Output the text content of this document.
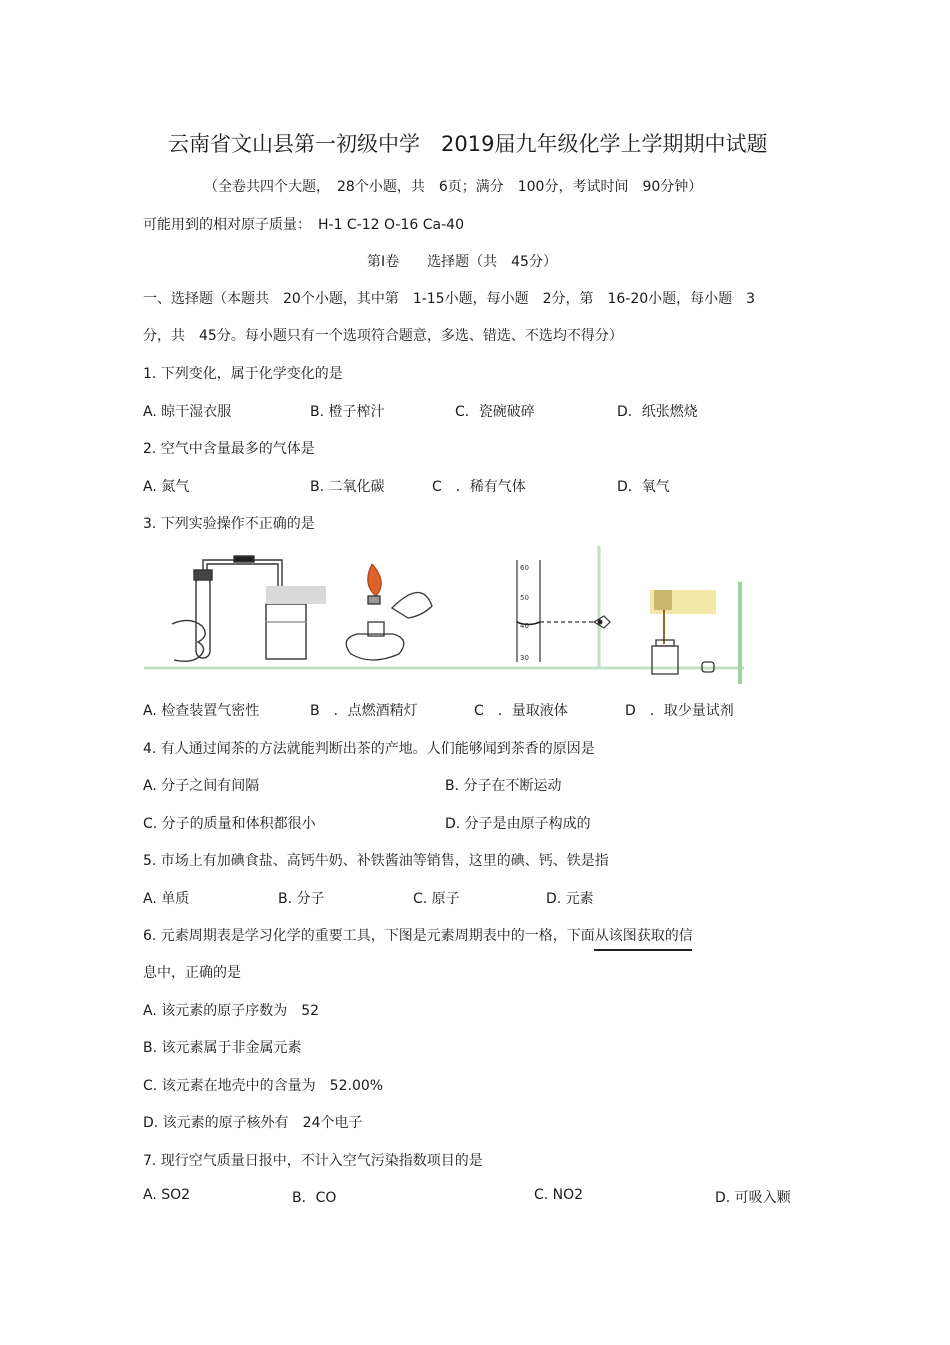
云南省文山县第一初级中学　2019届九年级化学上学期期中试题
（全卷共四个大题，　28个小题，共　6页；满分　100分，考试时间　90分钟）
可能用到的相对原子质量：　H-1 C-12 O-16 Ca-40
第Ⅰ卷　　选择题（共　45分）
一、选择题（本题共　20个小题，其中第　1-15小题，每小题　2分，第　16-20小题，每小题　3
分，共　45分。每小题只有一个选项符合题意，多选、错选、不选均不得分）
1. 下列变化，属于化学变化的是
A. 晾干湿衣服	B. 橙子榨汁	C．瓷碗破碎	D．纸张燃烧
2. 空气中含量最多的气体是
A. 氮气	B. 二氧化碳	C　．稀有气体	D．氧气
3. 下列实验操作不正确的是
60
50
40
30
A. 检查装置气密性	B　．点燃酒精灯	C　．量取液体	D　．取少量试剂
4. 有人通过闻茶的方法就能判断出茶的产地。人们能够闻到茶香的原因是
A. 分子之间有间隔	B. 分子在不断运动
C. 分子的质量和体积都很小	D. 分子是由原子构成的
5. 市场上有加碘食盐、高钙牛奶、补铁酱油等销售，这里的碘、钙、铁是指
A. 单质	B. 分子	C. 原子	D. 元素
6. 元素周期表是学习化学的重要工具，下图是元素周期表中的一格，下面从该图获取的信
息中，正确的是
A. 该元素的原子序数为　52
B. 该元素属于非金属元素
C. 该元素在地壳中的含量为　52.00%
D. 该元素的原子核外有　24个电子
7. 现行空气质量日报中，不计入空气污染指数项目的是
A. SO2	B．CO	C. NO2	D. 可吸入颗
